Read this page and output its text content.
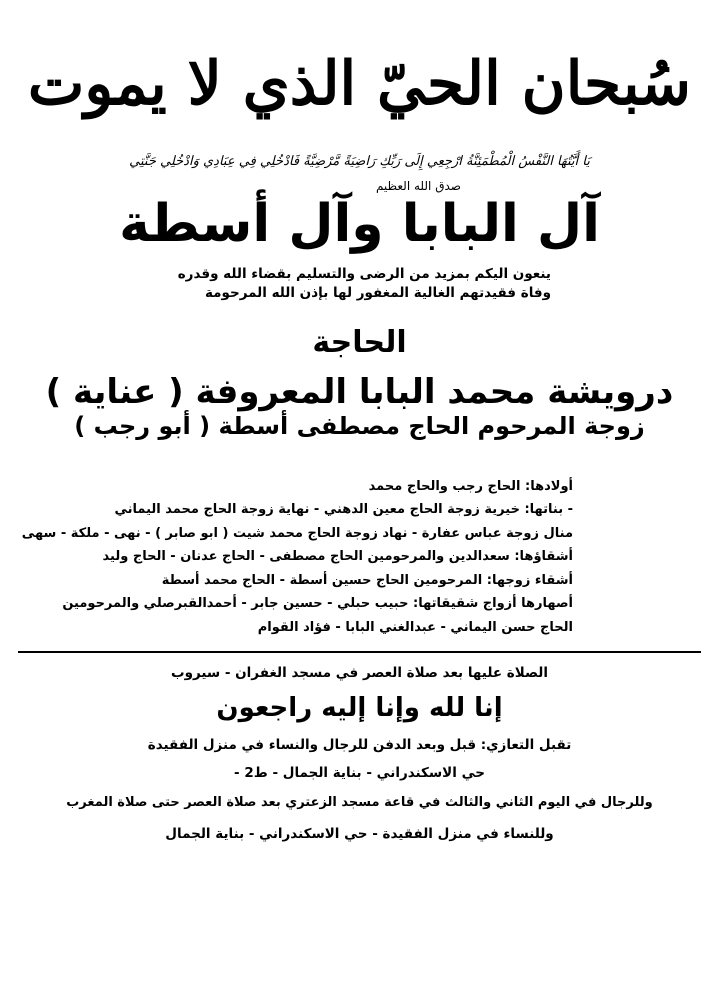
سُبحان الحيّ الذي لا يموت
يَا أَيَّتُهَا النَّفْسُ الْمُطْمَئِنَّةُ ارْجِعِي إِلَى رَبِّكِ رَاضِيَةً مَّرْضِيَّةً فَادْخُلِي فِي عِبَادِي وَادْخُلِي جَنَّتِي
صدق الله العظيم
آل البابا وآل أسطة
ينعون اليكم بمزيد من الرضى والتسليم بقضاء الله وقدره
وفاة فقيدتهم الغالية المغفور لها بإذن الله المرحومة
الحاجة
درويشة محمد البابا المعروفة ( عناية )
زوجة المرحوم الحاج مصطفى أسطة ( أبو رجب )
أولادها: الحاج رجب والحاج محمد
- بناتها: خيرية زوجة الحاج معين الدهني - نهاية زوجة الحاج محمد اليماني
منال زوجة عباس عفارة - نهاد زوجة الحاج محمد شيت ( ابو صابر ) - نهى - ملكة - سهى
أشقاؤها: سعدالدين والمرحومين الحاج مصطفى - الحاج عدنان - الحاج وليد
أشقاء زوجها: المرحومين الحاج حسين أسطة - الحاج محمد أسطة
أصهارها أزواج شقيقاتها: حبيب حبلي - حسين جابر - أحمدالقبرصلي والمرحومين
الحاج حسن اليماني - عبدالغني البابا - فؤاد القوام
الصلاة عليها بعد صلاة العصر في مسجد الغفران - سيروب
إنا لله وإنا إليه راجعون
تقبل التعازي: قبل وبعد الدفن للرجال والنساء في منزل الفقيدة
حي الاسكندراني - بناية الجمال - ط2 -
وللرجال في اليوم الثاني والثالث في قاعة مسجد الزعتري بعد صلاة العصر حتى صلاة المغرب
وللنساء في منزل الفقيدة - حي الاسكندراني - بناية الجمال
